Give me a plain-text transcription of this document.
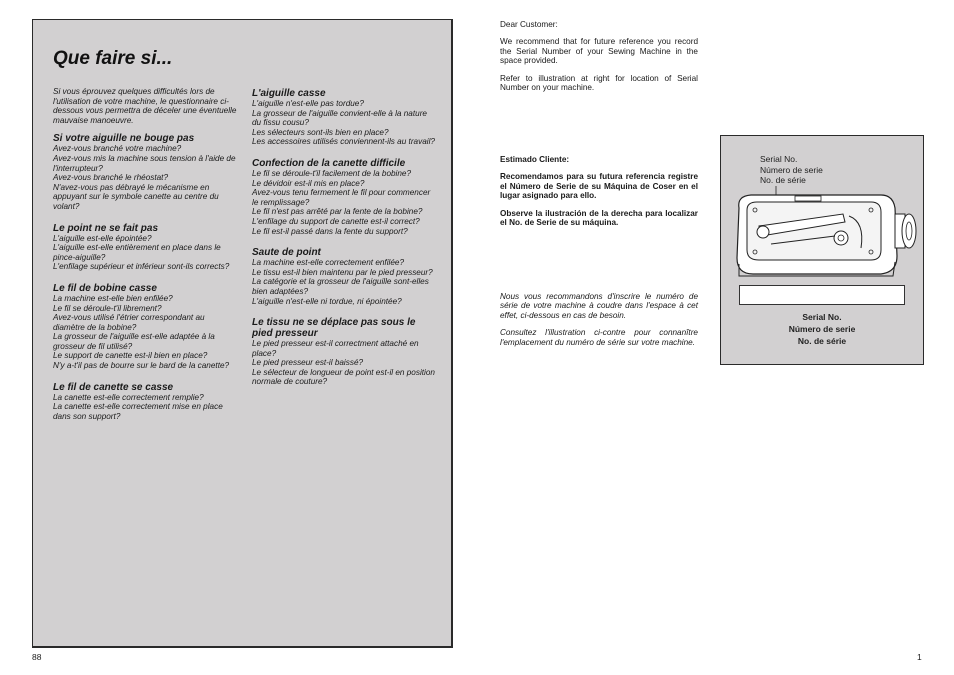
Que faire si...

Si vous éprouvez quelques difficultés lors de l'utilisation de votre machine, le questionnaire ci-dessous vous permettra de déceler une éventuelle mauvaise manoeuvre.

Si votre aiguille ne bouge pas
Avez-vous branché votre machine?
Avez-vous mis la machine sous tension à l'aide de l'interrupteur?
Avez-vous branché le rhéostat?
N'avez-vous pas débrayé le mécanisme en appuyant sur le symbole canette au centre du volant?
Le point ne se fait pas
L'aiguille est-elle épointée?
L'aiguille est-elle entièrement en place dans le pince-aiguille?
L'enfilage supérieur et inférieur sont-ils corrects?
Le fil de bobine casse
La machine est-elle bien enfilée?
Le fil se déroule-t'il librement?
Avez-vous utilisé l'étrier correspondant au diamètre de la bobine?
La grosseur de l'aiguille est-elle adaptée à la grosseur de fil utilisé?
Le support de canette est-il bien en place?
N'y a-t'il pas de bourre sur le bard de la canette?
Le fil de canette se casse
La canette est-elle correctement remplie?
La canette est-elle correctement mise en place dans son support?
L'aiguille casse
L'aiguille n'est-elle pas tordue?
La grosseur de l'aiguille convient-elle à la nature du fissu cousu?
Les sélecteurs sont-ils bien en place?
Les accessoires utilisés conviennent-ils au travail?
Confection de la canette difficile
Le fil se déroule-t'il facilement de la bobine?
Le dévidoir est-il mis en place?
Avez-vous tenu fermement le fil pour commencer le remplissage?
Le fil n'est pas arrêté par la fente de la bobine?
L'enfilage du support de canette est-il correct?
Le fil est-il passé dans la fente du support?
Saute de point
La machine est-elle correctement enfilée?
Le tissu est-il bien maintenu par le pied presseur?
La catégorie et la grosseur de l'aiguille sont-elles bien adaptées?
L'aiguille n'est-elle ni tordue, ni épointée?
Le tissu ne se déplace pas sous le pied presseur
Le pied presseur est-il correctment attaché en place?
Le pied presseur est-il baissé?
Le sélecteur de longueur de point est-il en position normale de couture?
88

Dear Customer:

We recommend that for future reference you record the Serial Number of your Sewing Machine in the space provided.

Refer to illustration at right for location of Serial Number on your machine.

Estimado Cliente:

Recomendamos para su futura referencia registre el Número de Serie de su Máquina de Coser en el lugar asignado para ello.

Observe la ilustración de la derecha para localizar el No. de Serie de su máquina.

Nous vous recommandons d'inscrire le numéro de série de votre machine à coudre dans l'espace à cet effet, ci-dessous en cas de besoin.

Consultez l'illustration ci-contre pour connanître l'emplacement du numéro de série sur votre machine.

Serial No.
Número de serie
No. de série
Serial No.
Número de serie
No. de série
1
